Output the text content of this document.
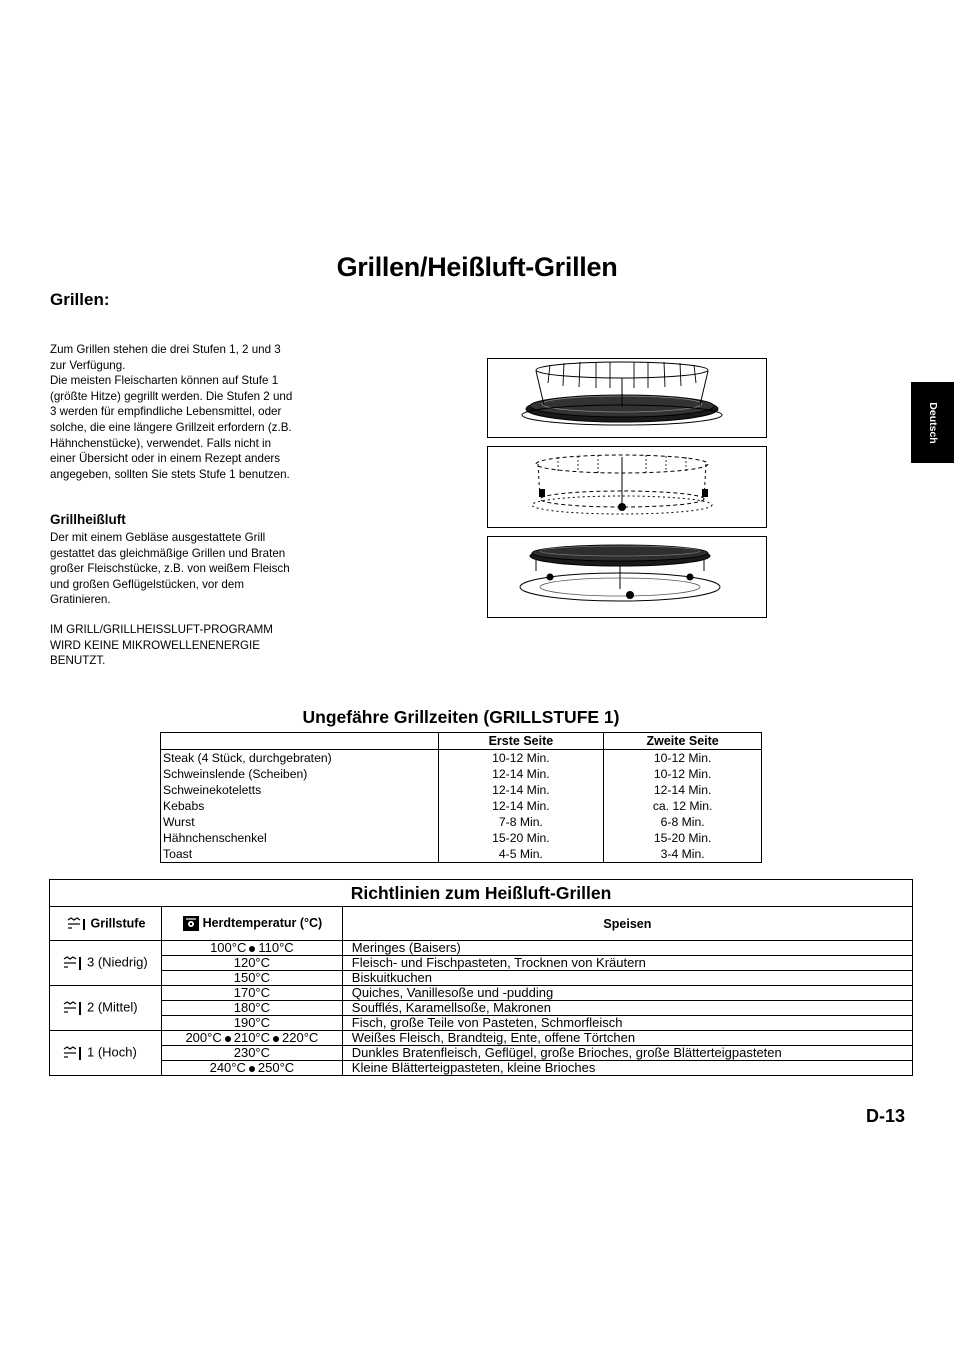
Grillen/Heißluft-Grillen
Grillen:
Zum Grillen stehen die drei Stufen 1, 2 und 3
zur Verfügung.
Die meisten Fleischarten können auf Stufe 1
(größte Hitze) gegrillt werden. Die Stufen 2 und
3 werden für empfindliche Lebensmittel, oder
solche, die eine längere Grillzeit erfordern (z.B.
Hähnchenstücke), verwendet. Falls nicht in
einer Übersicht oder in einem Rezept anders
angegeben, sollten Sie stets Stufe 1 benutzen.
Grillheißluft
Der mit einem Gebläse ausgestattete Grill
gestattet das gleichmäßige Grillen und Braten
großer Fleischstücke, z.B. von weißem Fleisch
und großen Geflügelstücken, vor dem
Gratinieren.
IM GRILL/GRILLHEISSLUFT-PROGRAMM
WIRD KEINE MIKROWELLENENERGIE
BENUTZT.
Deutsch
Ungefähre Grillzeiten (GRILLSTUFE 1)
	Erste Seite	Zweite Seite
Steak (4 Stück, durchgebraten)	10-12 Min.	10-12 Min.
Schweinslende (Scheiben)	12-14 Min.	10-12 Min.
Schweinekoteletts	12-14 Min.	12-14 Min.
Kebabs	12-14 Min.	ca. 12 Min.
Wurst	7-8 Min.	6-8 Min.
Hähnchenschenkel	15-20 Min.	15-20 Min.
Toast	4-5 Min.	3-4 Min.
Richtlinien zum Heißluft-Grillen		
Grillstufe	Herdtemperatur (°C)	Speisen
3 (Niedrig)	100°C 110°C	Meringes (Baisers)
	120°C	Fleisch- und Fischpasteten, Trocknen von Kräutern
	150°C	Biskuitkuchen
2 (Mittel)	170°C	Quiches, Vanillesoße und -pudding
	180°C	Soufflés, Karamellsoße, Makronen
	190°C	Fisch, große Teile von Pasteten, Schmorfleisch
1 (Hoch)	200°C 210°C 220°C	Weißes Fleisch, Brandteig, Ente, offene Törtchen
	230°C	Dunkles Bratenfleisch, Geflügel, große Brioches, große Blätterteigpasteten
	240°C 250°C	Kleine Blätterteigpasteten, kleine Brioches
D-13
